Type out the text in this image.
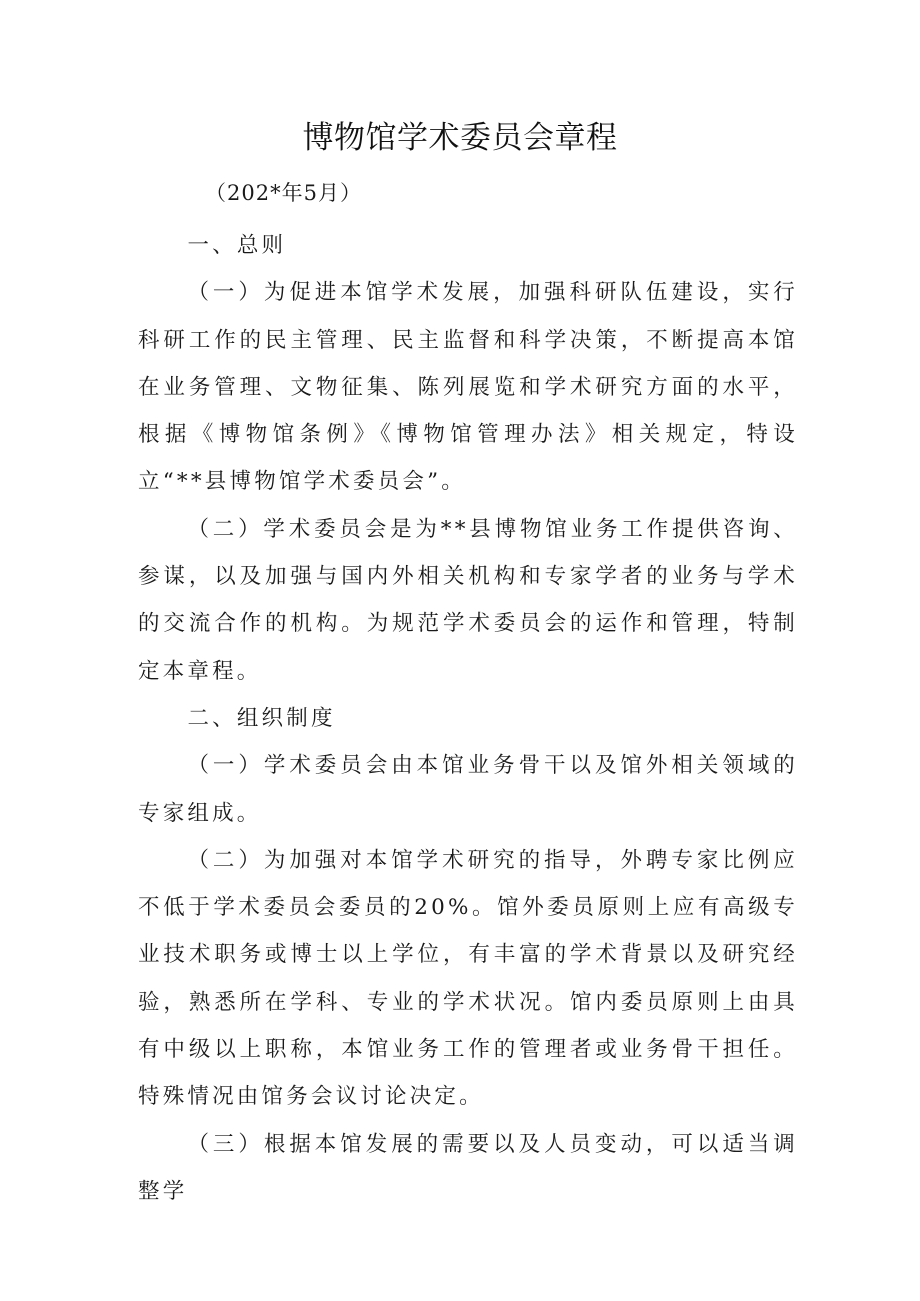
博物馆学术委员会章程
（202*年5月）

一、总则

（一）为促进本馆学术发展，加强科研队伍建设，实行科研工作的民主管理、民主监督和科学决策，不断提高本馆在业务管理、文物征集、陈列展览和学术研究方面的水平，根据《博物馆条例》《博物馆管理办法》相关规定，特设立“**县博物馆学术委员会”。

（二）学术委员会是为**县博物馆业务工作提供咨询、参谋，以及加强与国内外相关机构和专家学者的业务与学术的交流合作的机构。为规范学术委员会的运作和管理，特制定本章程。

二、组织制度

（一）学术委员会由本馆业务骨干以及馆外相关领域的专家组成。

（二）为加强对本馆学术研究的指导，外聘专家比例应不低于学术委员会委员的20%。馆外委员原则上应有高级专业技术职务或博士以上学位，有丰富的学术背景以及研究经验，熟悉所在学科、专业的学术状况。馆内委员原则上由具有中级以上职称，本馆业务工作的管理者或业务骨干担任。特殊情况由馆务会议讨论决定。

（三）根据本馆发展的需要以及人员变动，可以适当调整学
